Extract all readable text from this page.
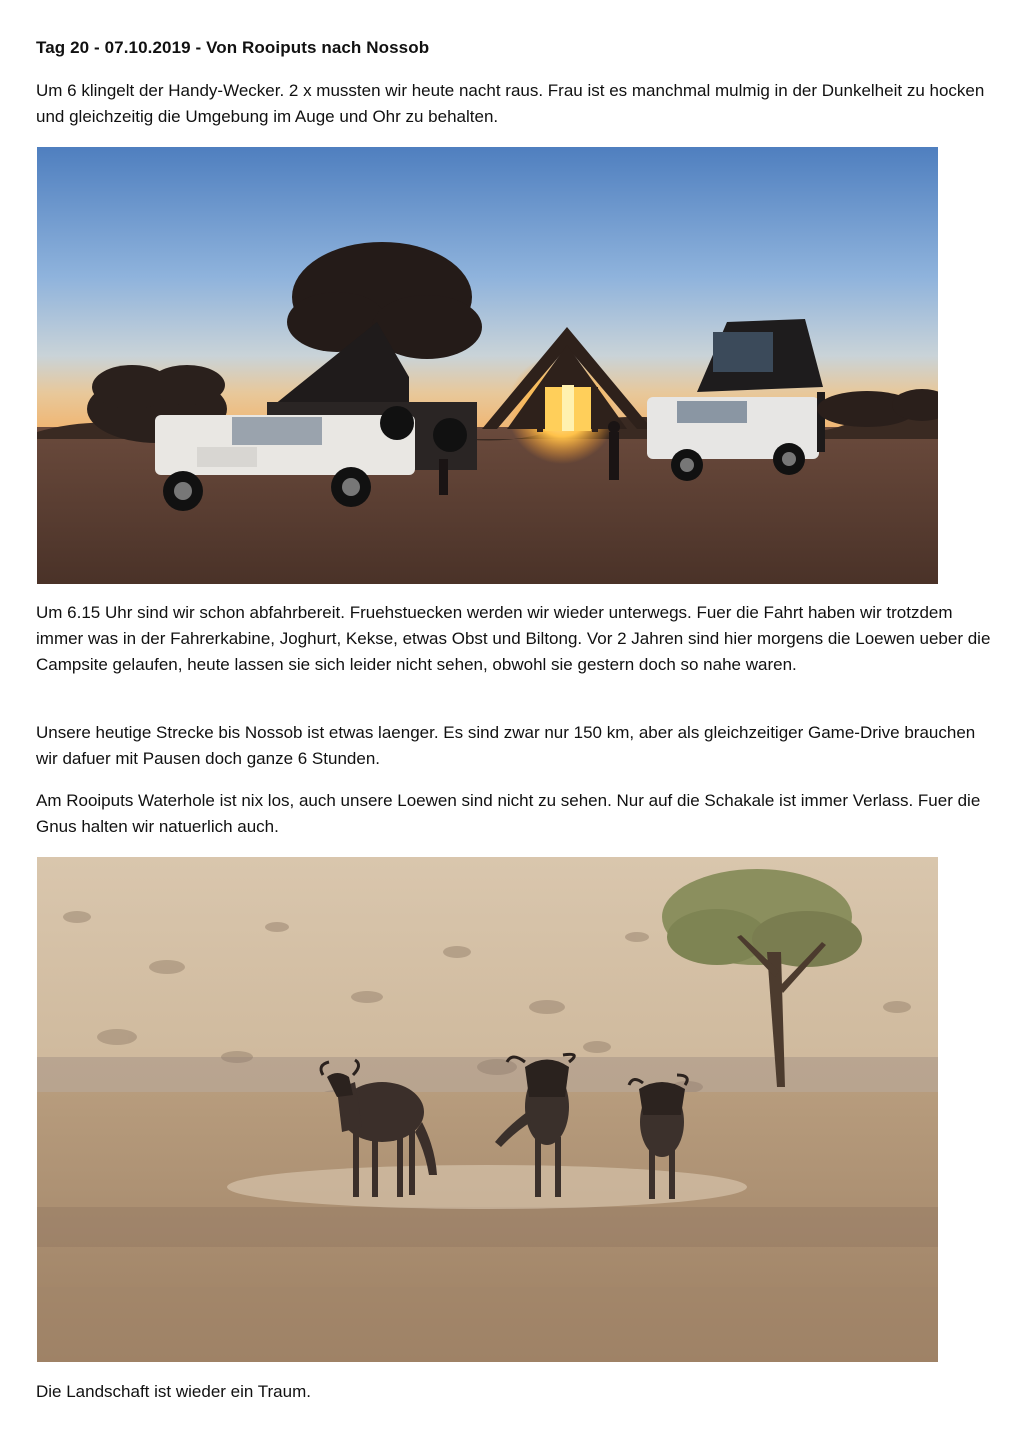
Tag 20 - 07.10.2019 - Von Rooiputs nach Nossob

Um 6 klingelt der Handy-Wecker. 2 x mussten wir heute nacht raus. Frau ist es manchmal mulmig in der Dunkelheit zu hocken und gleichzeitig die Umgebung im Auge und Ohr zu behalten.

Um 6.15 Uhr sind wir schon abfahrbereit. Fruehstuecken werden wir wieder unterwegs. Fuer die Fahrt haben wir trotzdem immer was in der Fahrerkabine, Joghurt, Kekse, etwas Obst und Biltong. Vor 2 Jahren sind hier morgens die Loewen ueber die Campsite gelaufen, heute lassen sie sich leider nicht sehen, obwohl sie gestern doch so nahe waren.

Unsere heutige Strecke bis Nossob ist etwas laenger. Es sind zwar nur 150 km, aber als gleichzeitiger Game-Drive brauchen wir dafuer mit Pausen doch ganze 6 Stunden.

Am Rooiputs Waterhole ist nix los, auch unsere Loewen sind nicht zu sehen. Nur auf die Schakale ist immer Verlass. Fuer die Gnus halten wir natuerlich auch.

Die Landschaft ist wieder ein Traum.
